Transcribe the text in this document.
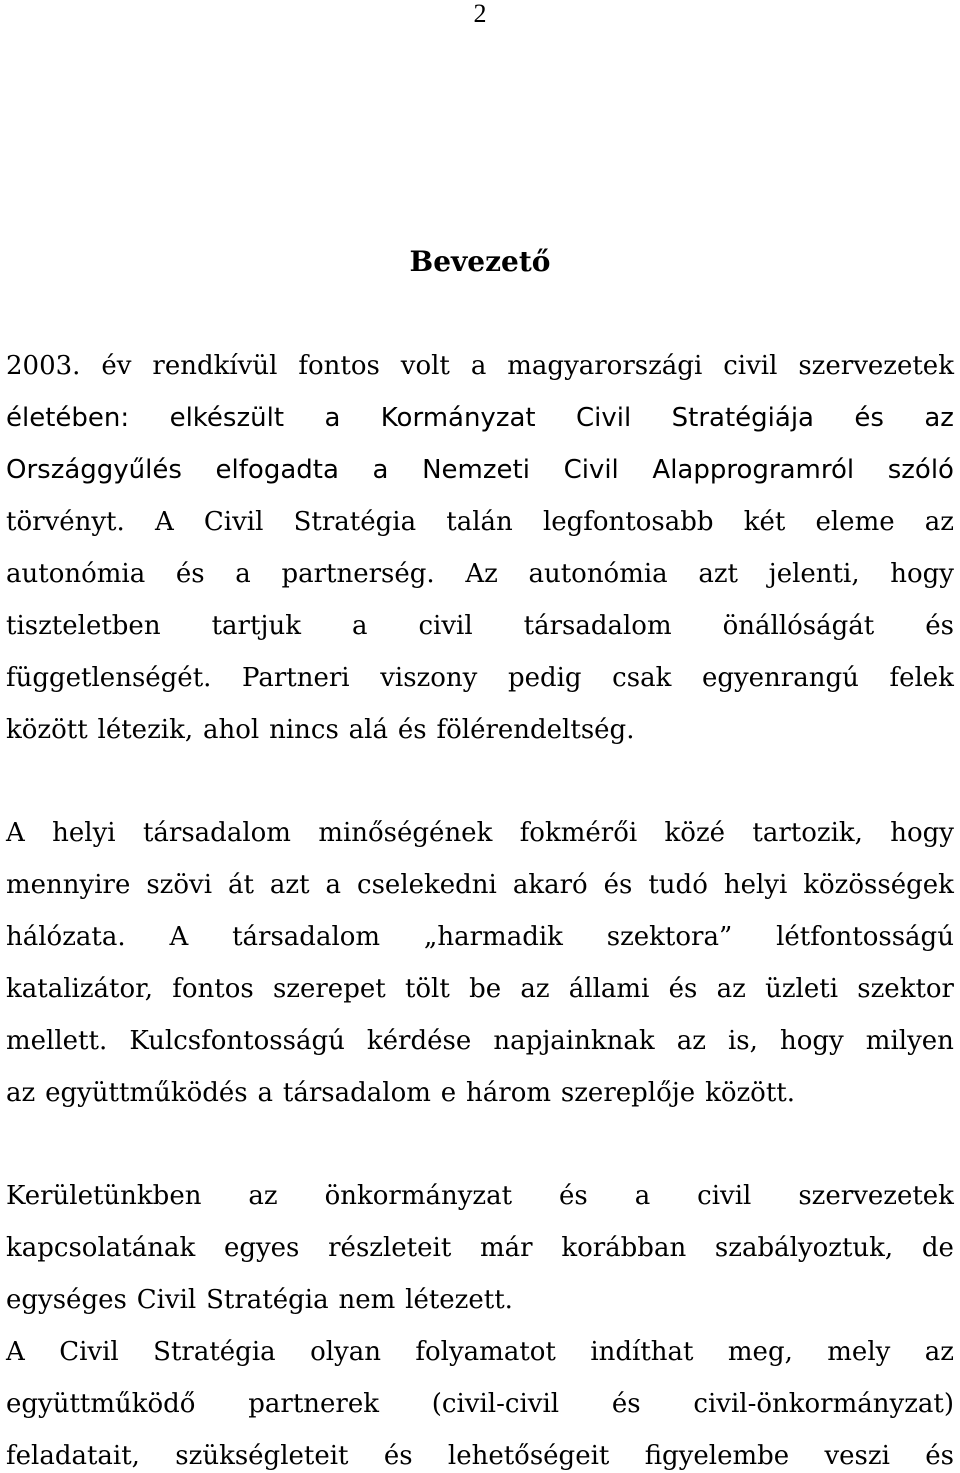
2
Bevezető
2003. év rendkívül fontos volt a magyarországi civil szervezetek
életében: elkészült a Kormányzat Civil Stratégiája és az
Országgyűlés elfogadta a Nemzeti Civil Alapprogramról szóló
törvényt. A Civil Stratégia talán legfontosabb két eleme az
autonómia és a partnerség. Az autonómia azt jelenti, hogy
tiszteletben tartjuk a civil társadalom önállóságát és
függetlenségét. Partneri viszony pedig csak egyenrangú felek
között létezik, ahol nincs alá és fölérendeltség.
A helyi társadalom minőségének fokmérői közé tartozik, hogy
mennyire szövi át azt a cselekedni akaró és tudó helyi közösségek
hálózata. A társadalom „harmadik szektora” létfontosságú
katalizátor, fontos szerepet tölt be az állami és az üzleti szektor
mellett. Kulcsfontosságú kérdése napjainknak az is, hogy milyen
az együttműködés a társadalom e három szereplője között.
Kerületünkben az önkormányzat és a civil szervezetek
kapcsolatának egyes részleteit már korábban szabályoztuk, de
egységes Civil Stratégia nem létezett.
A Civil Stratégia olyan folyamatot indíthat meg, mely az
együttműködő partnerek (civil-civil és civil-önkormányzat)
feladatait, szükségleteit és lehetőségeit figyelembe veszi és
